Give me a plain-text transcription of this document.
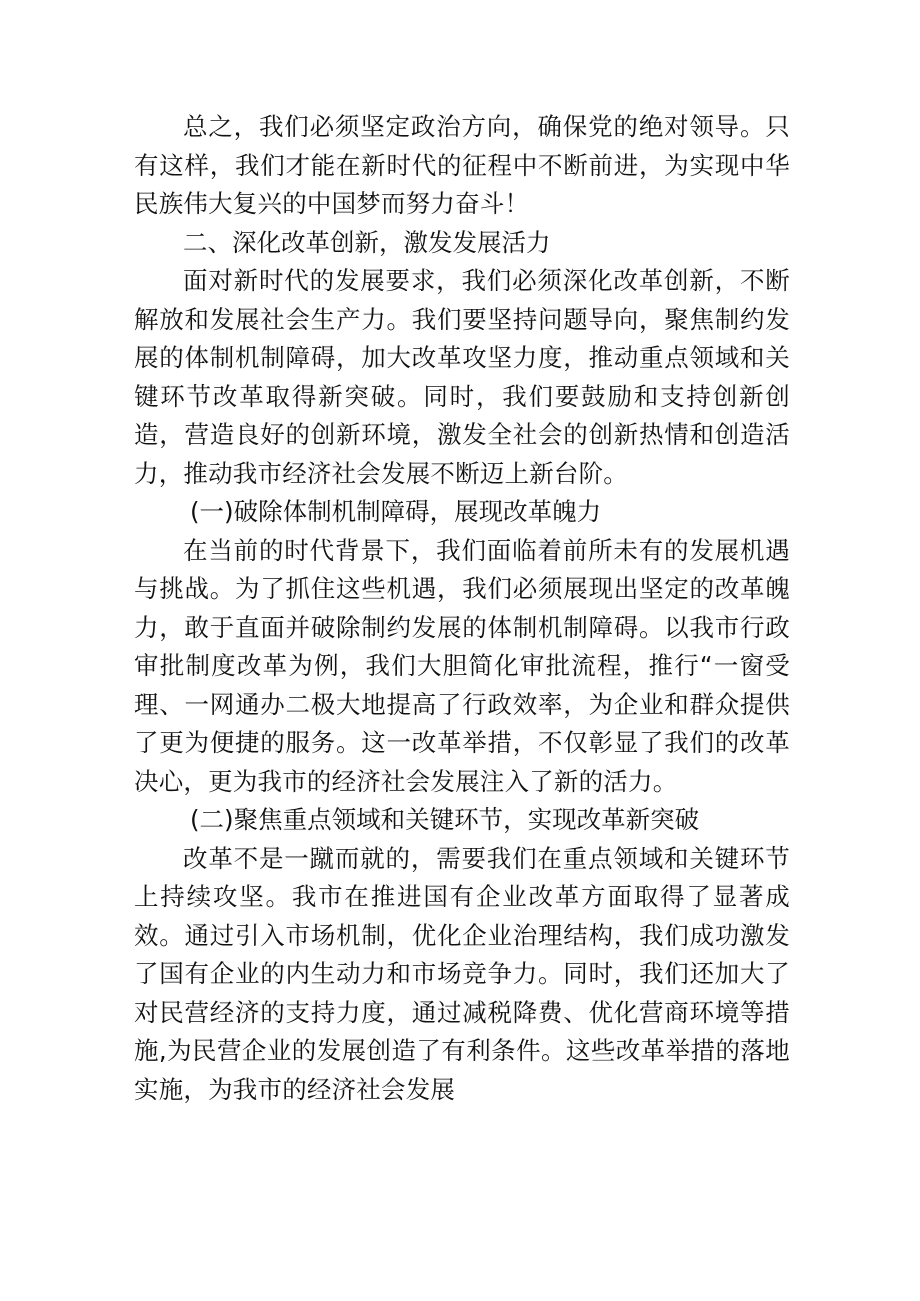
总之，我们必须坚定政治方向，确保党的绝对领导。只有这样，我们才能在新时代的征程中不断前进，为实现中华民族伟大复兴的中国梦而努力奋斗！

二、深化改革创新，激发发展活力

面对新时代的发展要求，我们必须深化改革创新，不断解放和发展社会生产力。我们要坚持问题导向，聚焦制约发展的体制机制障碍，加大改革攻坚力度，推动重点领域和关键环节改革取得新突破。同时，我们要鼓励和支持创新创造，营造良好的创新环境，激发全社会的创新热情和创造活力，推动我市经济社会发展不断迈上新台阶。

(一)破除体制机制障碍，展现改革魄力

在当前的时代背景下，我们面临着前所未有的发展机遇与挑战。为了抓住这些机遇，我们必须展现出坚定的改革魄力，敢于直面并破除制约发展的体制机制障碍。以我市行政审批制度改革为例，我们大胆简化审批流程，推行“一窗受理、一网通办二极大地提高了行政效率，为企业和群众提供了更为便捷的服务。这一改革举措，不仅彰显了我们的改革决心，更为我市的经济社会发展注入了新的活力。

(二)聚焦重点领域和关键环节，实现改革新突破

改革不是一蹴而就的，需要我们在重点领域和关键环节上持续攻坚。我市在推进国有企业改革方面取得了显著成效。通过引入市场机制，优化企业治理结构，我们成功激发了国有企业的内生动力和市场竞争力。同时，我们还加大了对民营经济的支持力度，通过减税降费、优化营商环境等措施,为民营企业的发展创造了有利条件。这些改革举措的落地实施，为我市的经济社会发展
